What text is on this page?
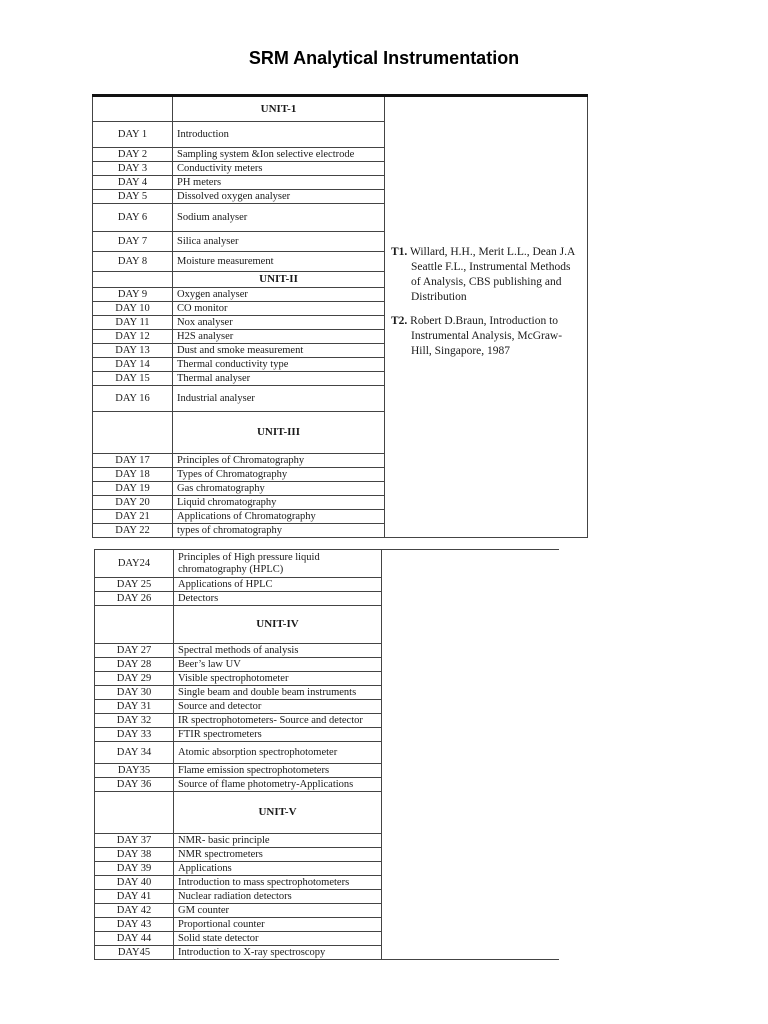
SRM Analytical Instrumentation
	UNIT-1	T1. Willard, H.H., Merit L.L., Dean J.A Seattle F.L., Instrumental Methods of Analysis, CBS publishing and Distribution

T2. Robert D.Braun, Introduction to Instrumental Analysis, McGraw-Hill, Singapore, 1987

DAY 1	Introduction	
DAY 2	Sampling system &Ion selective electrode	
DAY 3	Conductivity meters	
DAY 4	PH meters	
DAY 5	Dissolved oxygen analyser	
DAY 6	Sodium analyser	
DAY 7	Silica analyser	
DAY 8	Moisture measurement	
	UNIT-II	
DAY 9	Oxygen analyser	
DAY 10	CO monitor	
DAY 11	Nox analyser	
DAY 12	H2S analyser	
DAY 13	Dust and smoke measurement	
DAY 14	Thermal conductivity type	
DAY 15	Thermal analyser	
DAY 16	Industrial analyser	
	UNIT-III	
DAY 17	Principles of Chromatography	
DAY 18	Types of Chromatography	
DAY 19	Gas chromatography	
DAY 20	Liquid chromatography	
DAY 21	Applications of Chromatography	
DAY 22	types of chromatography	
DAY24	Principles of High pressure liquid chromatography (HPLC)	
DAY 25	Applications of HPLC	
DAY 26	Detectors	
	UNIT-IV	
DAY 27	Spectral methods of analysis	
DAY 28	Beer’s law UV	
DAY 29	Visible spectrophotometer	
DAY 30	Single beam and double beam instruments	
DAY 31	Source and detector	
DAY 32	IR spectrophotometers- Source and detector	
DAY 33	FTIR spectrometers	
DAY 34	Atomic absorption spectrophotometer	
DAY35	Flame emission spectrophotometers	
DAY 36	Source of flame photometry-Applications	
	UNIT-V	
DAY 37	NMR- basic principle	
DAY 38	NMR spectrometers	
DAY 39	Applications	
DAY 40	Introduction to mass spectrophotometers	
DAY 41	Nuclear radiation detectors	
DAY 42	GM counter	
DAY 43	Proportional counter	
DAY 44	Solid state detector	
DAY45	Introduction to X-ray spectroscopy	
